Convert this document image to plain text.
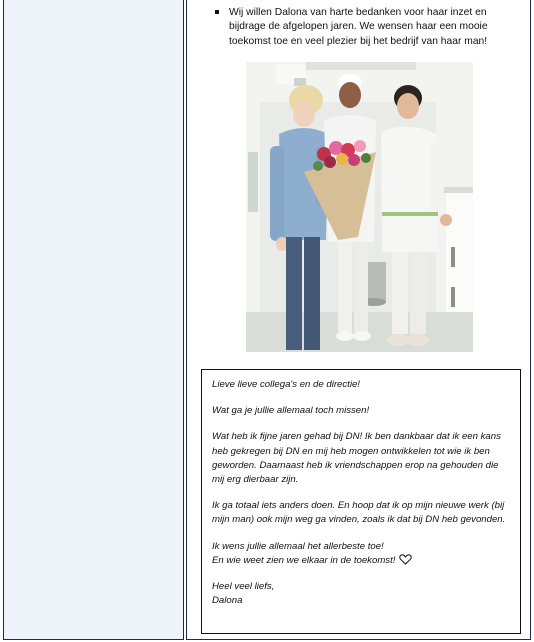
Wij willen Dalona van harte bedanken voor haar inzet en bijdrage de afgelopen jaren. We wensen haar een mooie toekomst toe en veel plezier bij het bedrijf van haar man!

Lieve lieve collega's en de directie!

Wat ga je jullie allemaal toch missen!

Wat heb ik fijne jaren gehad bij DN! Ik ben dankbaar dat ik een kans heb gekregen bij DN en mij heb mogen ontwikkelen tot wie ik ben geworden. Daarnaast heb ik vriendschappen erop na gehouden die mij erg dierbaar zijn.

Ik ga totaal iets anders doen. En hoop dat ik op mijn nieuwe werk (bij mijn man) ook mijn weg ga vinden, zoals ik dat bij DN heb gevonden.

Ik wens jullie allemaal het allerbeste toe!
En wie weet zien we elkaar in de toekomst!

Heel veel liefs,
Dalona
